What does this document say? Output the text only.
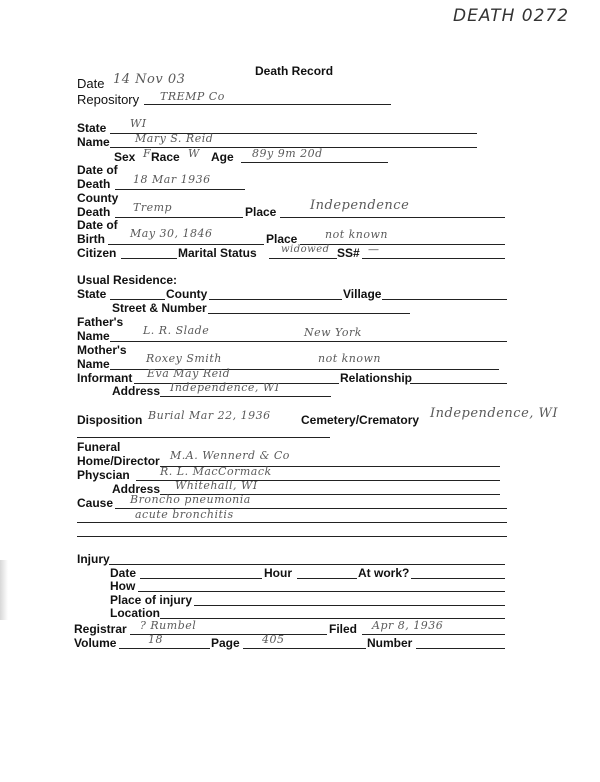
DEATH 0272
Death Record
Date 14 Nov 03
Repository TREMP Co
State WI
Name Mary S. Reid
Sex F Race W Age 89y 9m 20d
Date of
Death 18 Mar 1936
County
Death Tremp	Place	Independence
Date of
Birth May 30, 1846	Place	not known
Citizen	Marital Status widowed SS# —
Usual Residence:
State	County	Village
Street & Number
Father's
Name	L. R. Slade	New York
Mother's
Name	Roxey Smith	not known
Informant Eva May Reid	Relationship
Address Independence, WI
Disposition Burial Mar 22, 1936	Cemetery/Crematory Independence, WI
Funeral
Home/Director M.A. Wennerd & Co
Physcian	R. L. MacCormack
Address Whitehall, WI
Cause Broncho pneumonia
acute bronchitis
Injury
Date	Hour	At work?
How
Place of injury
Location
Registrar ? Rumbel	Filed Apr 8, 1936
Volume	18	Page 405	Number
